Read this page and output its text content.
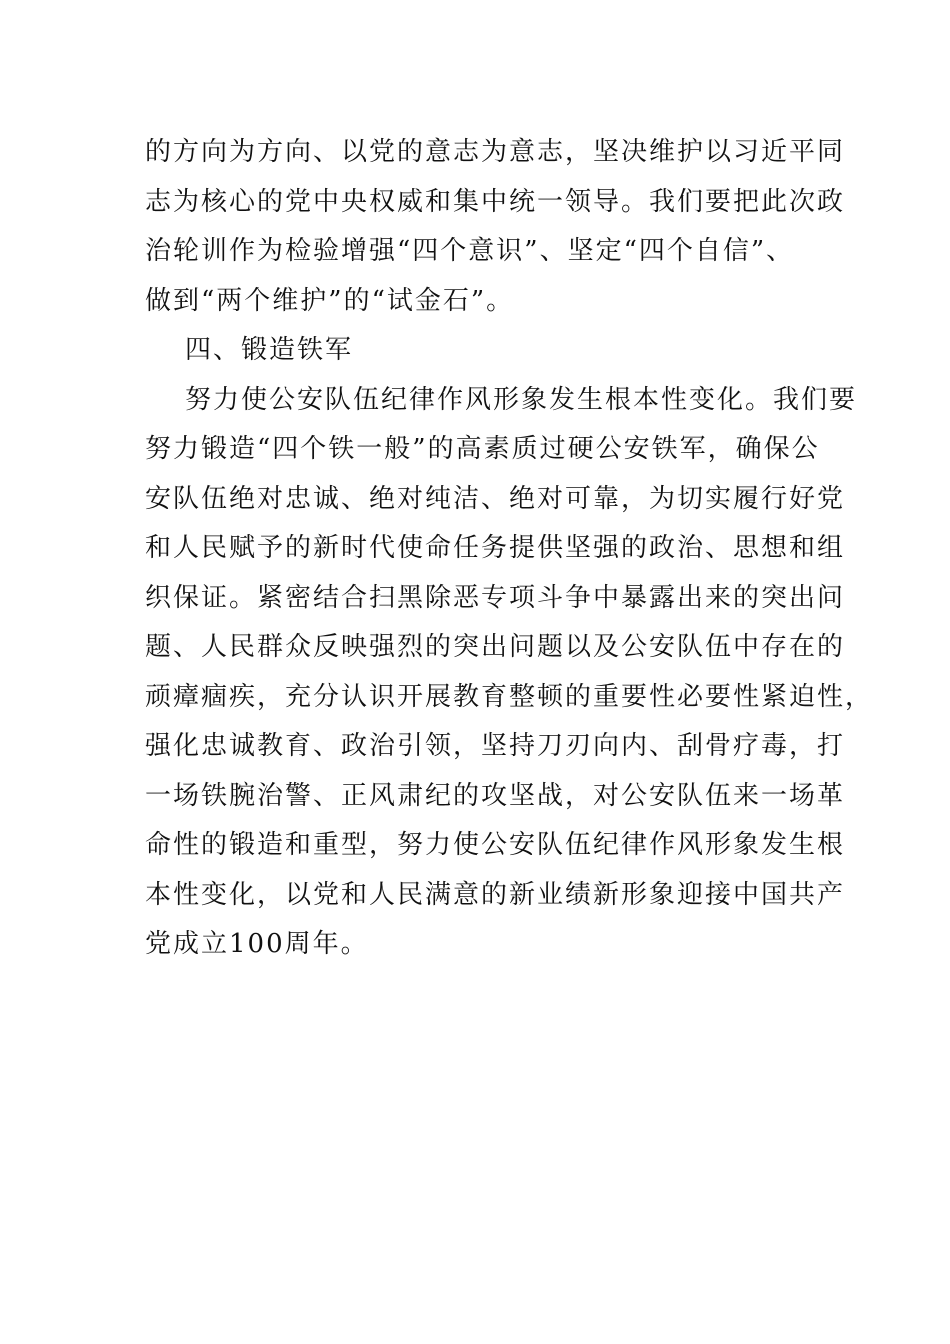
的方向为方向、以党的意志为意志，坚决维护以习近平同

志为核心的党中央权威和集中统一领导。我们要把此次政

治轮训作为检验增强“四个意识”、坚定“四个自信”、

做到“两个维护”的“试金石”。

四、锻造铁军

努力使公安队伍纪律作风形象发生根本性变化。我们要

努力锻造“四个铁一般”的高素质过硬公安铁军，确保公

安队伍绝对忠诚、绝对纯洁、绝对可靠，为切实履行好党

和人民赋予的新时代使命任务提供坚强的政治、思想和组

织保证。紧密结合扫黑除恶专项斗争中暴露出来的突出问

题、人民群众反映强烈的突出问题以及公安队伍中存在的

顽瘴痼疾，充分认识开展教育整顿的重要性必要性紧迫性，

强化忠诚教育、政治引领，坚持刀刃向内、刮骨疗毒，打

一场铁腕治警、正风肃纪的攻坚战，对公安队伍来一场革

命性的锻造和重型，努力使公安队伍纪律作风形象发生根

本性变化，以党和人民满意的新业绩新形象迎接中国共产

党成立100周年。
